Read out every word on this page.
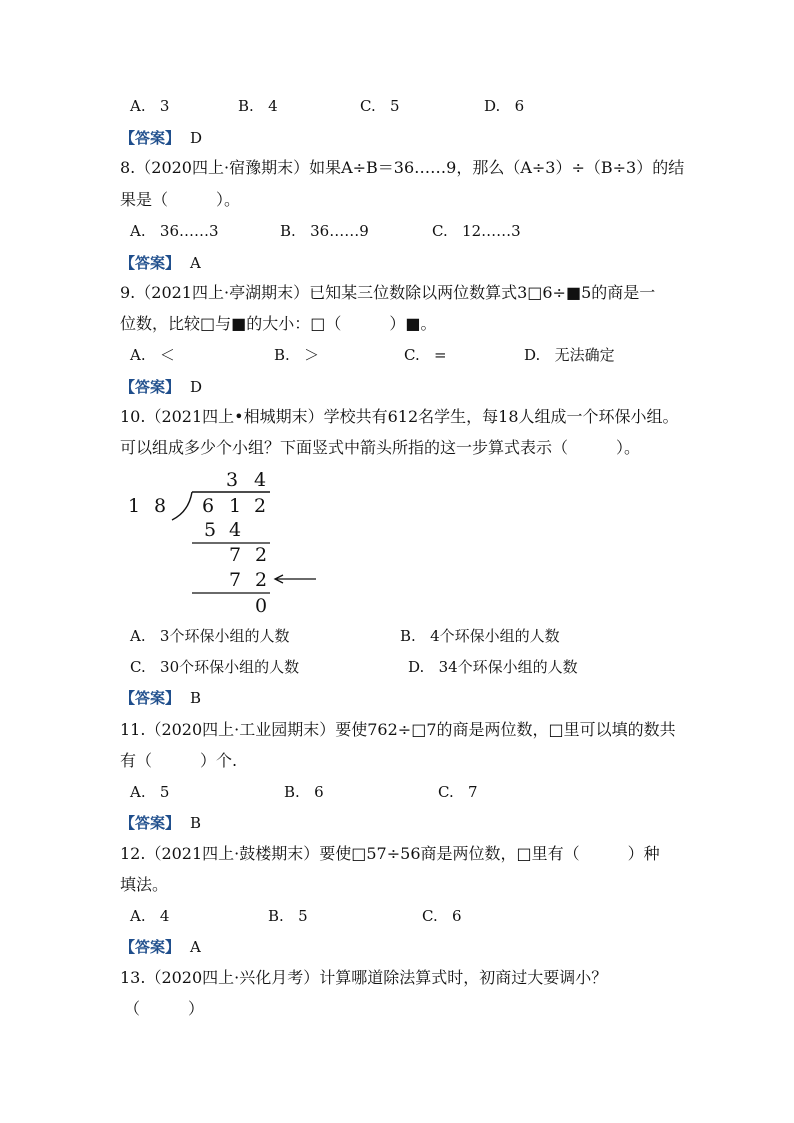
A. 3	B. 4	C. 5	D. 6
【答案】 D
8.（2020四上·宿豫期末）如果A÷B＝36……9，那么（A÷3）÷（B÷3）的结
果是（　　　）。
A. 36……3	B. 36……9	C. 12……3
【答案】 A
9.（2021四上·亭湖期末）已知某三位数除以两位数算式3□6÷■5的商是一
位数，比较□与■的大小：□（　　　）■。
A. ＜	B. ＞	C. =	D. 无法确定
【答案】 D
10.（2021四上•相城期末）学校共有612名学生，每18人组成一个环保小组。
可以组成多少个小组？下面竖式中箭头所指的这一步算式表示（　　　）。
3 4
1 8 6 1 2
5 4
7 2
7 2
0
A. 3个环保小组的人数	B. 4个环保小组的人数
C. 30个环保小组的人数	D. 34个环保小组的人数
【答案】 B
11.（2020四上·工业园期末）要使762÷□7的商是两位数，□里可以填的数共
有（　　　）个.
A. 5	B. 6	C. 7
【答案】 B
12.（2021四上·鼓楼期末）要使□57÷56商是两位数，□里有（　　　）种
填法。
A. 4	B. 5	C. 6
【答案】 A
13.（2020四上·兴化月考）计算哪道除法算式时，初商过大要调小？
（　　　）
